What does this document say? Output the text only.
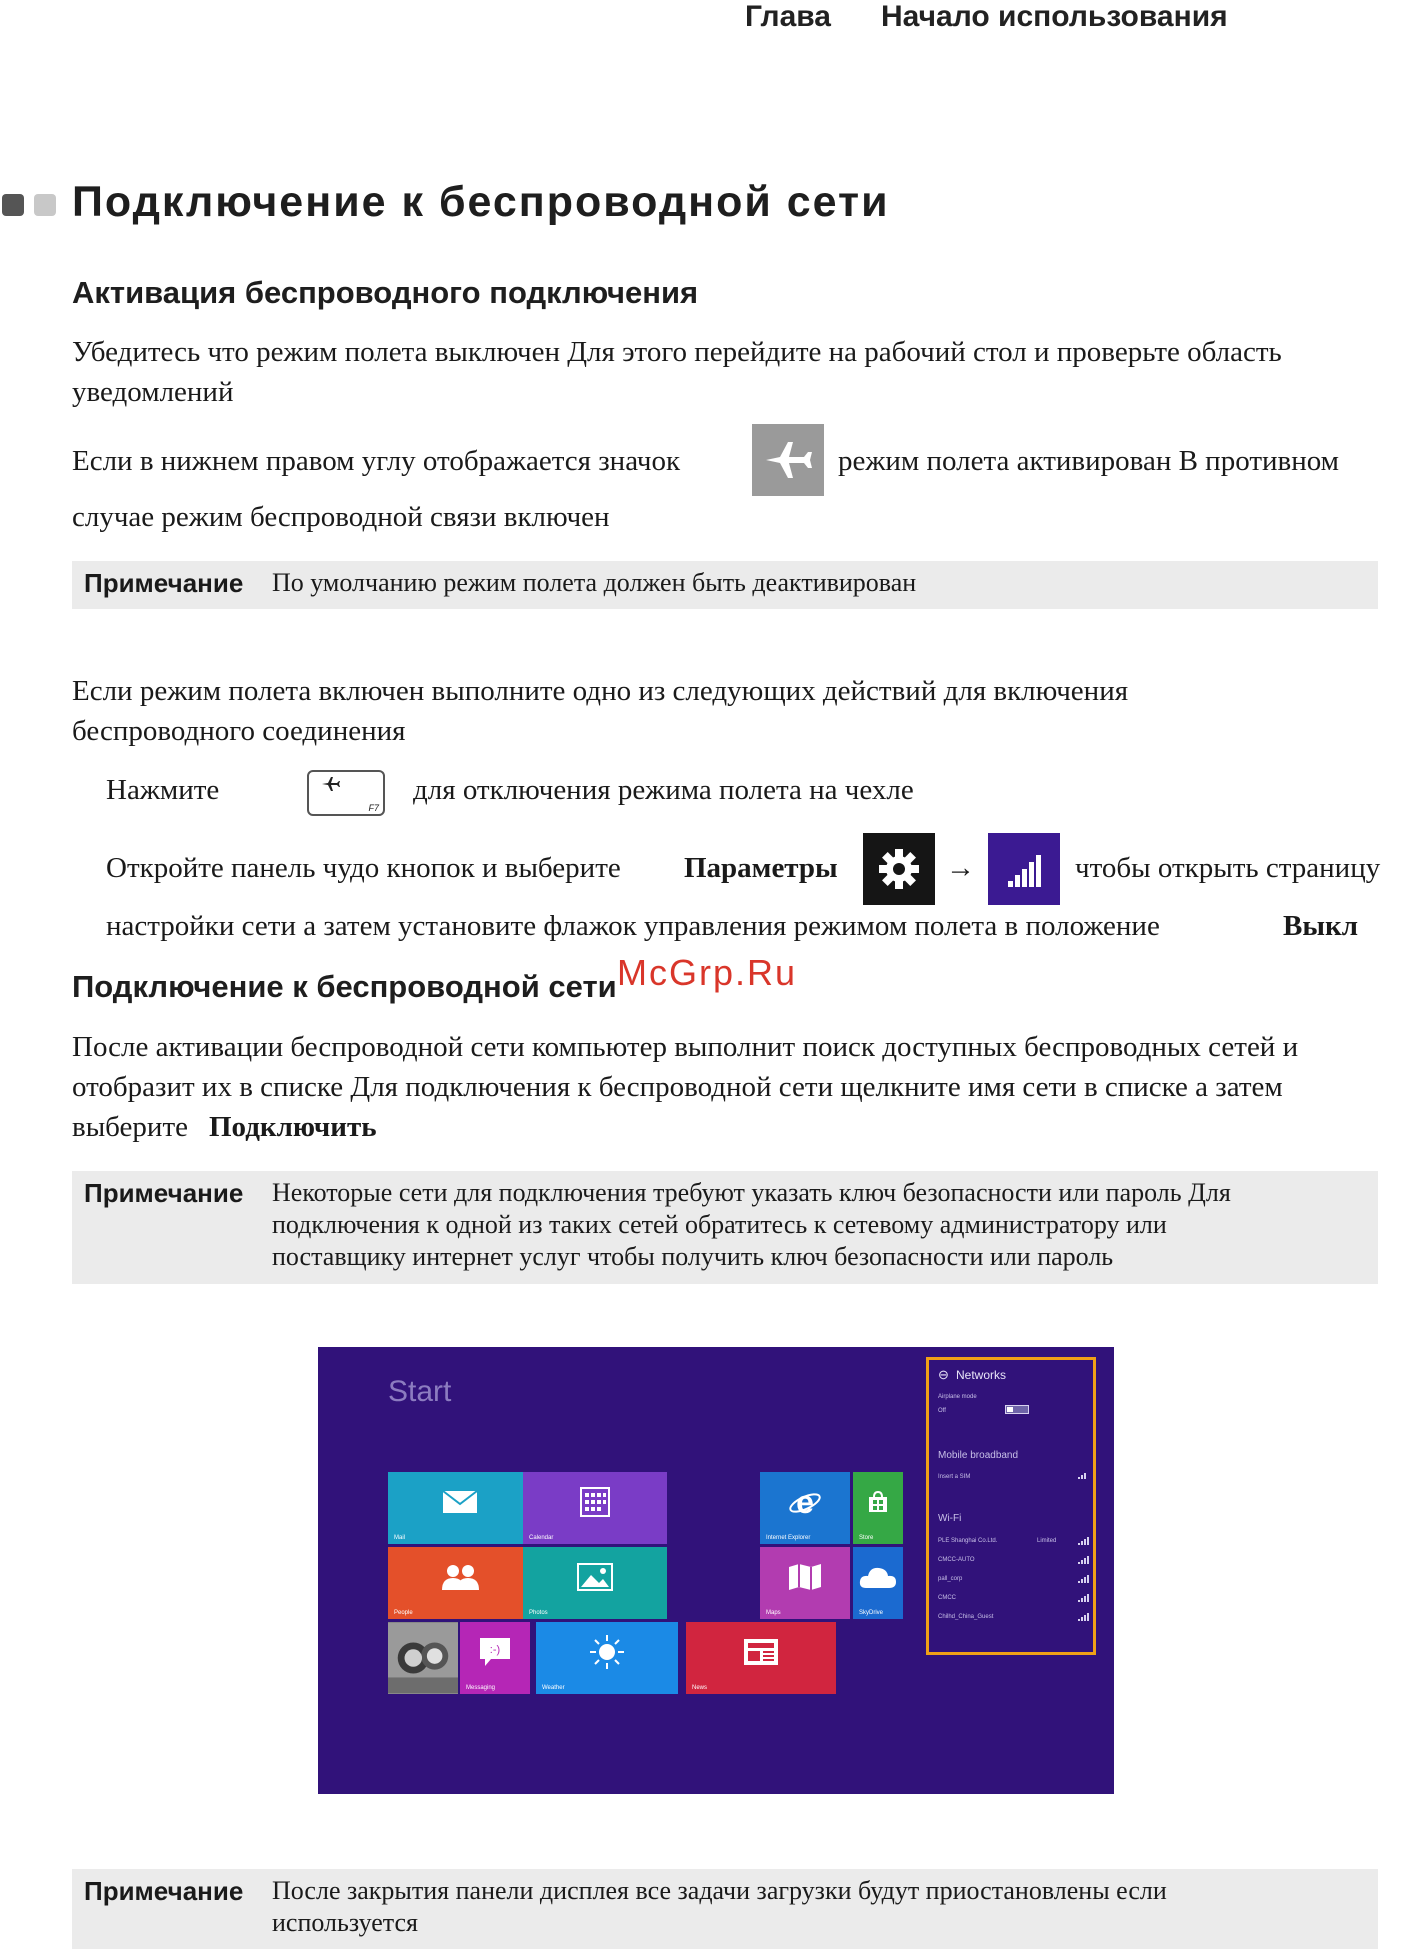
Глава Начало использования
Подключение к беспроводной сети
Активация беспроводного подключения
Убедитесь что режим полета выключен Для этого перейдите на рабочий стол и проверьте область
уведомлений
Если в нижнем правом углу отображается значок	режим полета активирован В противном
случае режим беспроводной связи включен
Примечание По умолчанию режим полета должен быть деактивирован
Если режим полета включен выполните одно из следующих действий для включения
беспроводного соединения
Нажмите
F7
для отключения режима полета на чехле
Откройте панель чудо кнопок и выберите Параметры	→	чтобы открыть страницу
настройки сети а затем установите флажок управления режимом полета в положение	Выкл
McGrp.Ru
Подключение к беспроводной сети
После активации беспроводной сети компьютер выполнит поиск доступных беспроводных сетей и
отобразит их в списке Для подключения к беспроводной сети щелкните имя сети в списке а затем
выберите Подключить
Примечание Некоторые сети для подключения требуют указать ключ безопасности или пароль Для
подключения к одной из таких сетей обратитесь к сетевому администратору или
поставщику интернет услуг чтобы получить ключ безопасности или пароль
Start
Mail	Calendar
e
Internet Explorer	Store
People	Photos	Maps	SkyDrive
:-)
Messaging	Weather	News
⊖ Networks
Airplane mode
Off
Mobile broadband
Insert a SIM
Wi-Fi
PLE Shanghai Co.Ltd.	Limited
CMCC-AUTO
pall_corp
CMCC
Chilhd_China_Guest
Примечание После закрытия панели дисплея все задачи загрузки будут приостановлены если
используется
